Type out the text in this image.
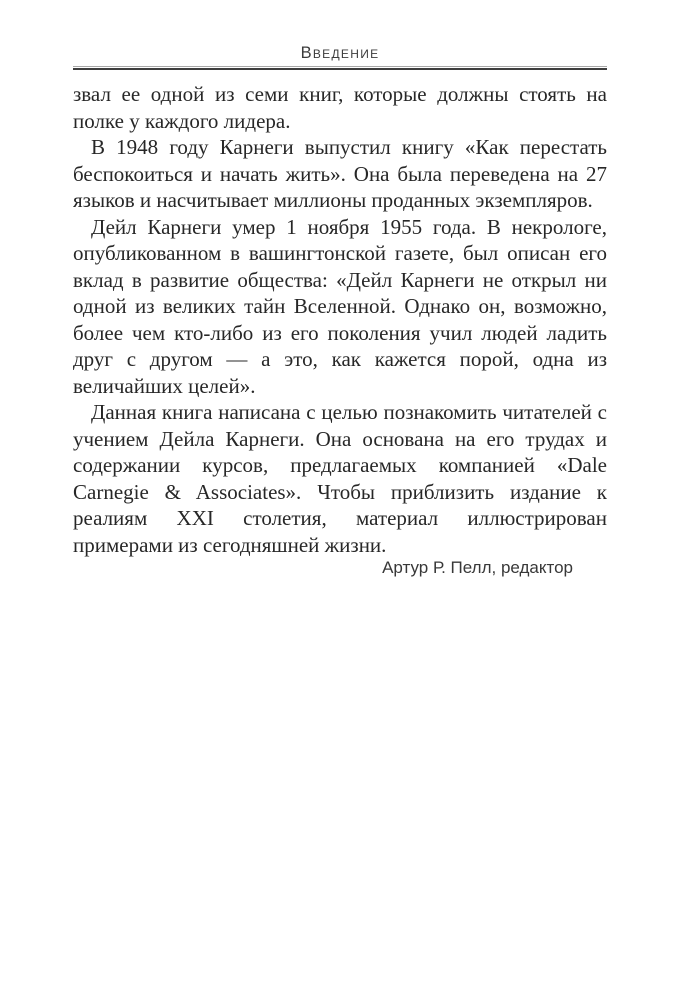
Введение

звал ее одной из семи книг, которые должны стоять на полке у каждого лидера.

В 1948 году Карнеги выпустил книгу «Как перестать беспокоиться и начать жить». Она была переведена на 27 языков и насчитывает миллионы проданных экземпляров.

Дейл Карнеги умер 1 ноября 1955 года. В некрологе, опубликованном в вашингтонской газете, был описан его вклад в развитие общества: «Дейл Карнеги не открыл ни одной из великих тайн Вселенной. Однако он, возможно, более чем кто-либо из его поколения учил людей ладить друг с другом — а это, как кажется порой, одна из величайших целей».

Данная книга написана с целью познакомить читателей с учением Дейла Карнеги. Она основана на его трудах и содержании курсов, предлагаемых компанией «Dale Carnegie & Associates». Чтобы приблизить издание к реалиям XXI столетия, материал иллюстрирован примерами из сегодняшней жизни.

Артур Р. Пелл, редактор
